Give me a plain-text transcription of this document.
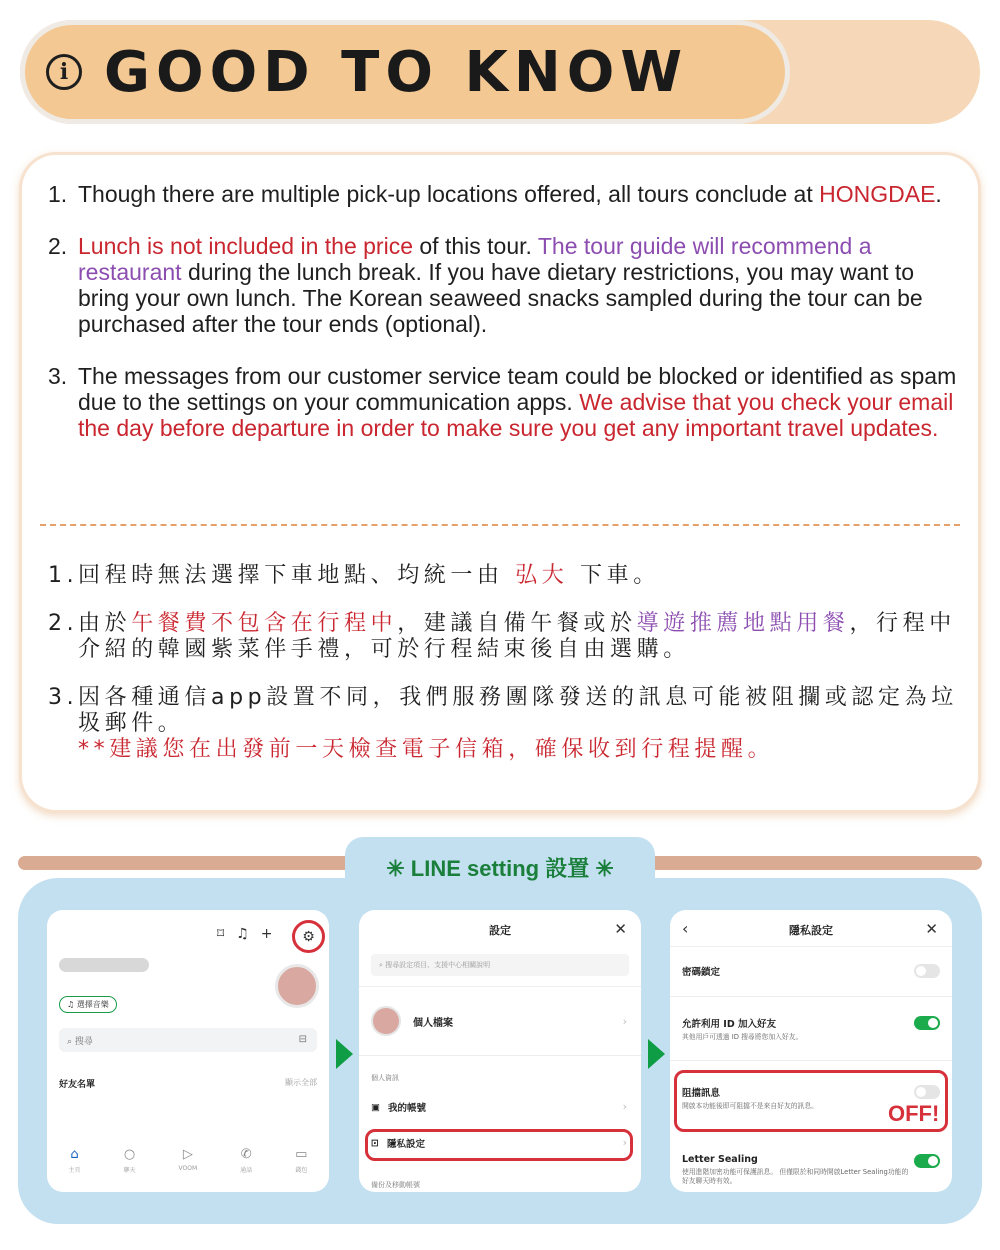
i GOOD TO KNOW
1. Though there are multiple pick-up locations offered, all tours conclude at HONGDAE.
2. Lunch is not included in the price of this tour. The tour guide will recommend a restaurant during the lunch break. If you have dietary restrictions, you may want to bring your own lunch. The Korean seaweed snacks sampled during the tour can be purchased after the tour ends (optional).
3. The messages from our customer service team could be blocked or identified as spam due to the settings on your communication apps. We advise that you check your email the day before departure in order to make sure you get any important travel updates.
1. 回程時無法選擇下車地點、均統一由 弘大 下車。
2. 由於午餐費不包含在行程中，建議自備午餐或於導遊推薦地點用餐，行程中介紹的韓國紫菜伴手禮，可於行程結束後自由選購。
3. 因各種通信app設置不同，我們服務團隊發送的訊息可能被阻攔或認定為垃圾郵件。
**建議您在出發前一天檢查電子信箱，確保收到行程提醒。
✳ LINE setting 設置 ✳
⌑ ♫ +	⚙
♫ 選擇音樂
⌕ 搜尋	⊟
好友名單	顯示全部
⌂
主頁
○
聊天
▷
VOOM
✆
通話
▭
錢包
設定	✕
⌕ 搜尋設定項目、支援中心相關說明
個人檔案	›
個人資訊
▣ 我的帳號	›
⊡ 隱私設定	›
備份及移動帳號
‹	隱私設定	✕
密碼鎖定
允許利用 ID 加入好友
其他用戶可透過 ID 搜尋將您加入好友。
阻擋訊息
開啟本功能後即可阻擋不是來自好友的訊息。	OFF!
Letter Sealing
使用進階加密功能可保護訊息。 但僅限於和同時開啟Letter Sealing功能的好友聊天時有效。
